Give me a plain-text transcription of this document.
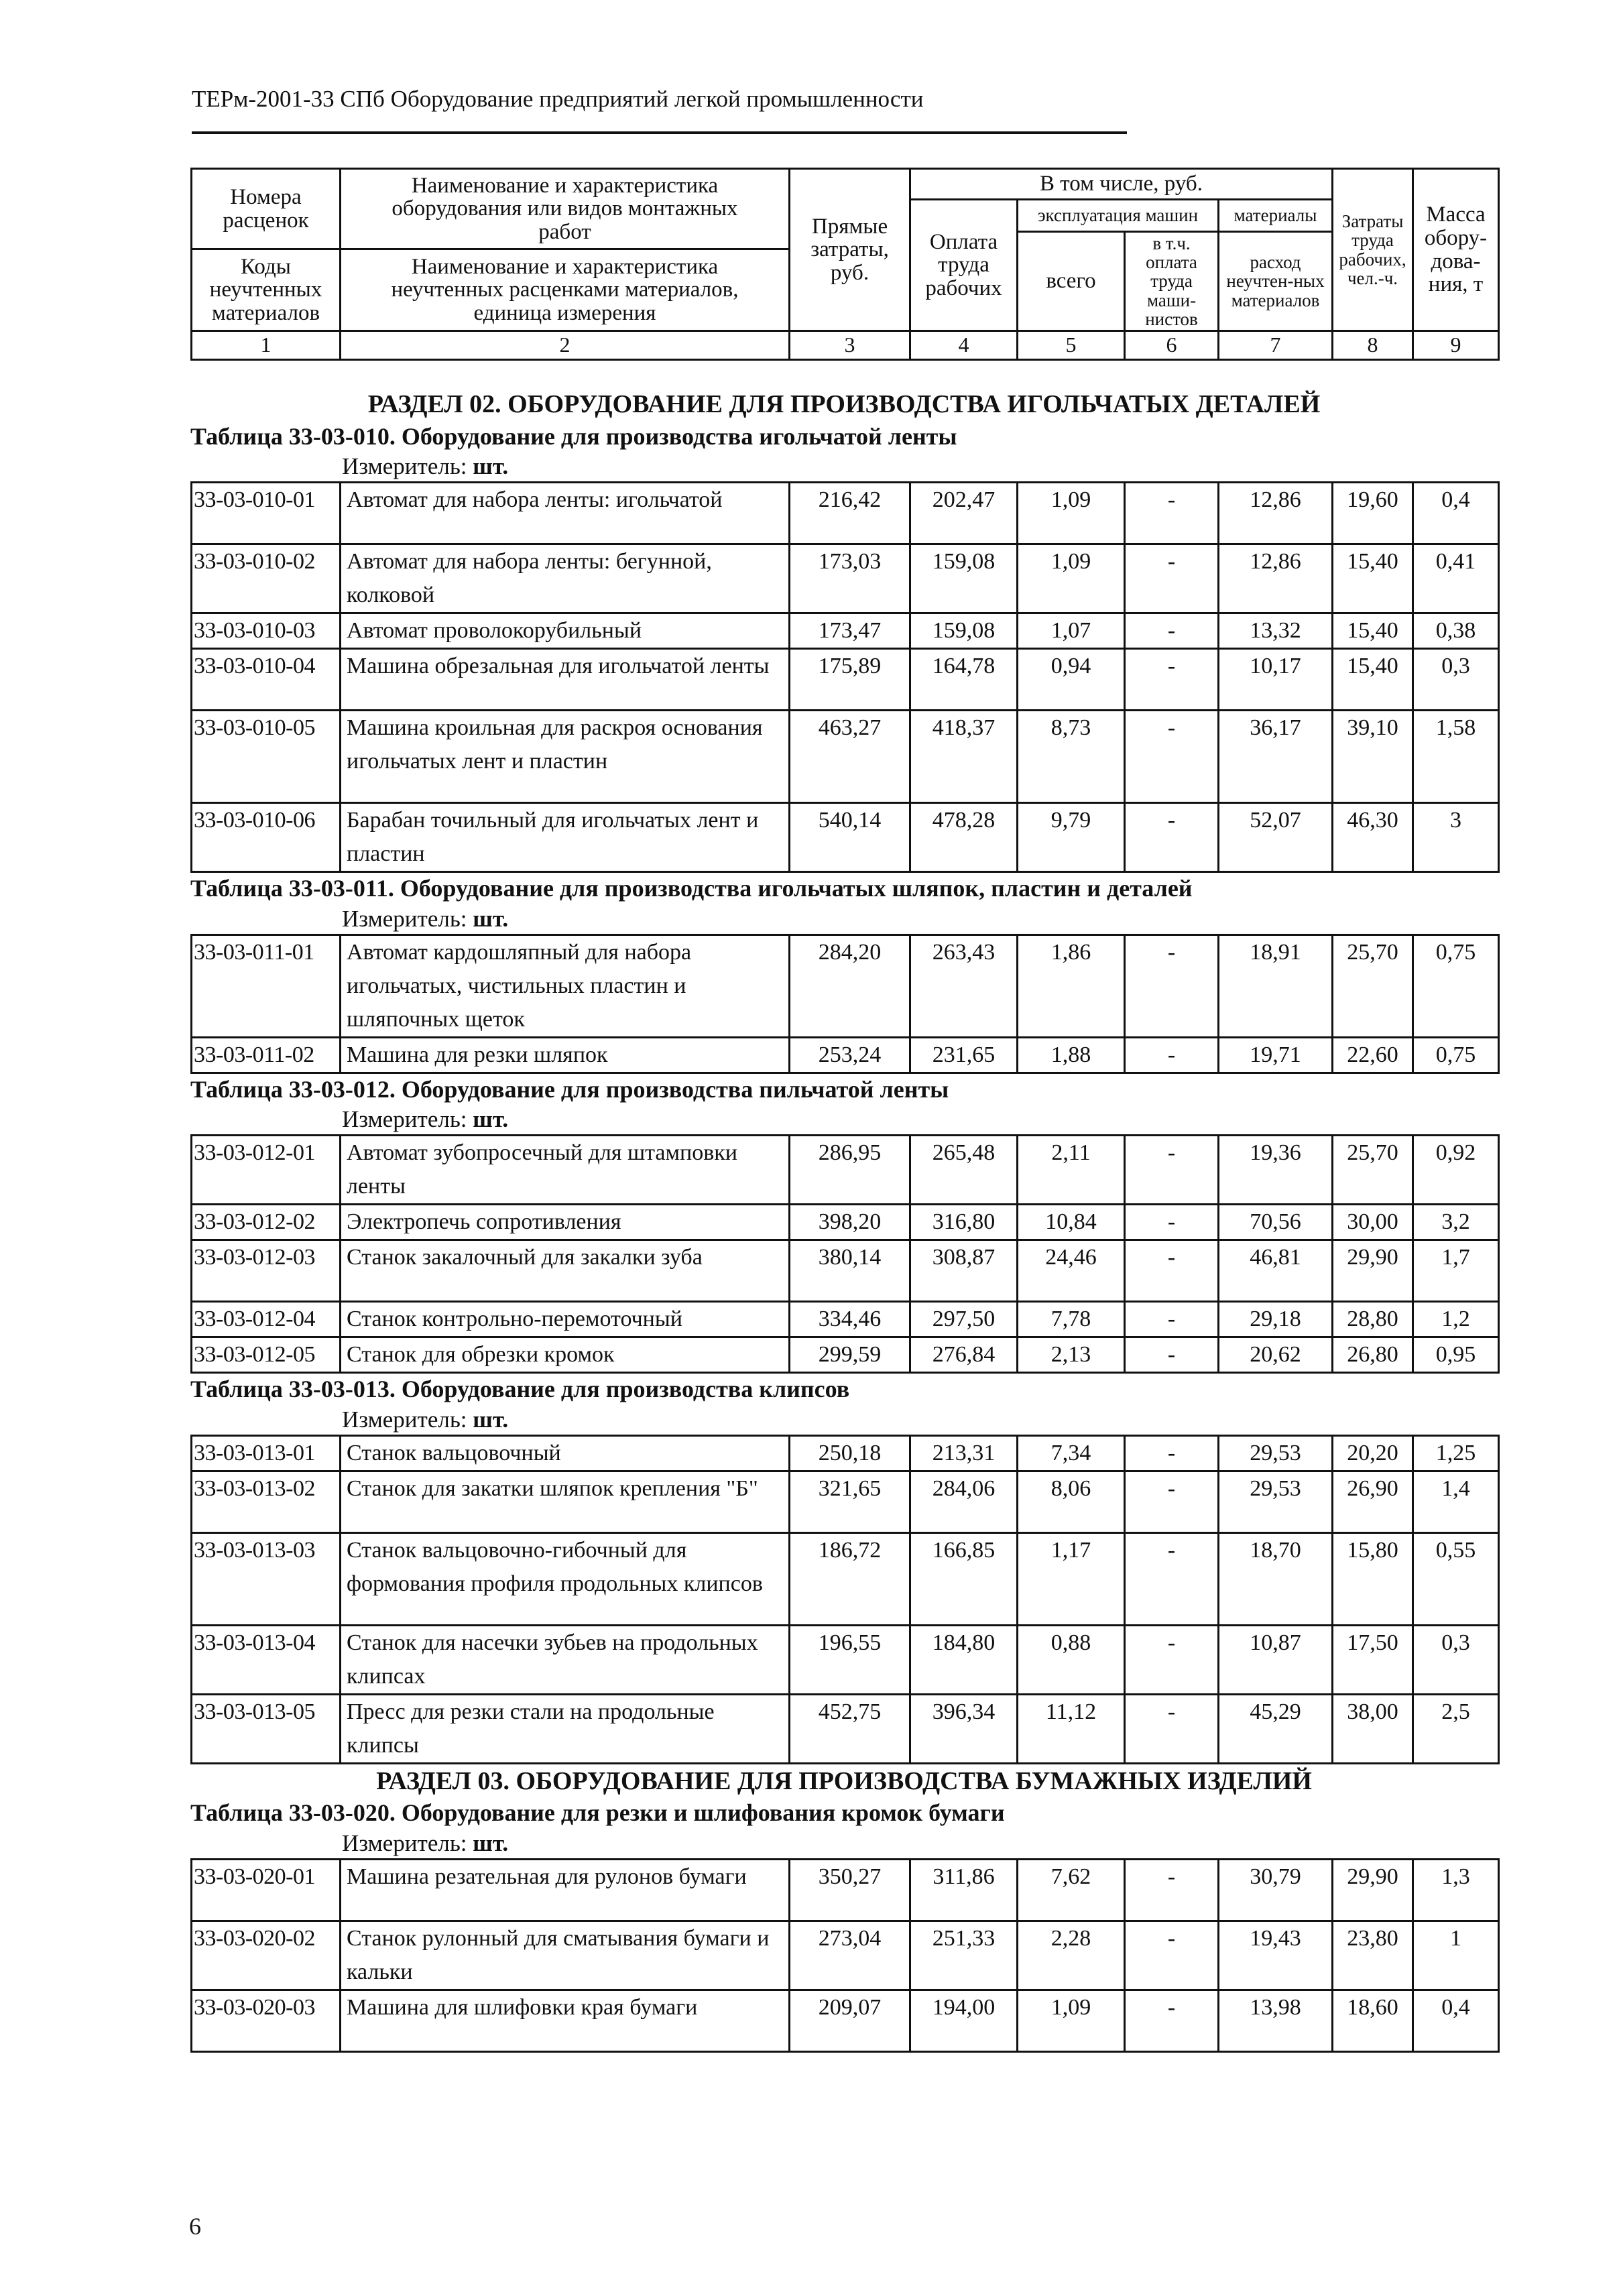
ТЕРм-2001-33 СПб Оборудование предприятий легкой промышленности
Номера расценок	Наименование и характеристика оборудования или видов монтажных работ	Прямые затраты, руб.	В том числе, руб.				Затраты труда рабочих, чел.-ч.	Масса обору-дова-ния, т
			Оплата труда рабочих	эксплуатация машин		материалы		
				всего	в т.ч. оплата труда маши-нистов	расход неучтен-ных материалов		
Коды неучтенных материалов	Наименование и характеристика неучтенных расценками материалов, единица измерения							

1	2	3	4	5	6	7	8	9
РАЗДЕЛ 02. ОБОРУДОВАНИЕ ДЛЯ ПРОИЗВОДСТВА ИГОЛЬЧАТЫХ ДЕТАЛЕЙ
Таблица 33-03-010. Оборудование для производства игольчатой ленты
Измеритель: шт.
33-03-010-01	Автомат для набора ленты: игольчатой	216,42	202,47	1,09	-	12,86	19,60	0,4
33-03-010-02	Автомат для набора ленты: бегунной, колковой	173,03	159,08	1,09	-	12,86	15,40	0,41
33-03-010-03	Автомат проволокорубильный	173,47	159,08	1,07	-	13,32	15,40	0,38
33-03-010-04	Машина обрезальная для игольчатой ленты	175,89	164,78	0,94	-	10,17	15,40	0,3
33-03-010-05	Машина кроильная для раскроя основания игольчатых лент и пластин	463,27	418,37	8,73	-	36,17	39,10	1,58
33-03-010-06	Барабан точильный для игольчатых лент и пластин	540,14	478,28	9,79	-	52,07	46,30	3
Таблица 33-03-011. Оборудование для производства игольчатых шляпок, пластин и деталей
Измеритель: шт.
33-03-011-01	Автомат кардошляпный для набора игольчатых, чистильных пластин и шляпочных щеток	284,20	263,43	1,86	-	18,91	25,70	0,75
33-03-011-02	Машина для резки шляпок	253,24	231,65	1,88	-	19,71	22,60	0,75
Таблица 33-03-012. Оборудование для производства пильчатой ленты
Измеритель: шт.
33-03-012-01	Автомат зубопросечный для штамповки ленты	286,95	265,48	2,11	-	19,36	25,70	0,92
33-03-012-02	Электропечь сопротивления	398,20	316,80	10,84	-	70,56	30,00	3,2
33-03-012-03	Станок закалочный для закалки зуба	380,14	308,87	24,46	-	46,81	29,90	1,7
33-03-012-04	Станок контрольно-перемоточный	334,46	297,50	7,78	-	29,18	28,80	1,2
33-03-012-05	Станок для обрезки кромок	299,59	276,84	2,13	-	20,62	26,80	0,95
Таблица 33-03-013. Оборудование для производства клипсов
Измеритель: шт.
33-03-013-01	Станок вальцовочный	250,18	213,31	7,34	-	29,53	20,20	1,25
33-03-013-02	Станок для закатки шляпок крепления "Б"	321,65	284,06	8,06	-	29,53	26,90	1,4
33-03-013-03	Станок вальцовочно-гибочный для формования профиля продольных клипсов	186,72	166,85	1,17	-	18,70	15,80	0,55
33-03-013-04	Станок для насечки зубьев на продольных клипсах	196,55	184,80	0,88	-	10,87	17,50	0,3
33-03-013-05	Пресс для резки стали на продольные клипсы	452,75	396,34	11,12	-	45,29	38,00	2,5
РАЗДЕЛ 03. ОБОРУДОВАНИЕ ДЛЯ ПРОИЗВОДСТВА БУМАЖНЫХ ИЗДЕЛИЙ
Таблица 33-03-020. Оборудование для резки и шлифования кромок бумаги
Измеритель: шт.
33-03-020-01	Машина резательная для рулонов бумаги	350,27	311,86	7,62	-	30,79	29,90	1,3
33-03-020-02	Станок рулонный для сматывания бумаги и кальки	273,04	251,33	2,28	-	19,43	23,80	1
33-03-020-03	Машина для шлифовки края бумаги	209,07	194,00	1,09	-	13,98	18,60	0,4
6
